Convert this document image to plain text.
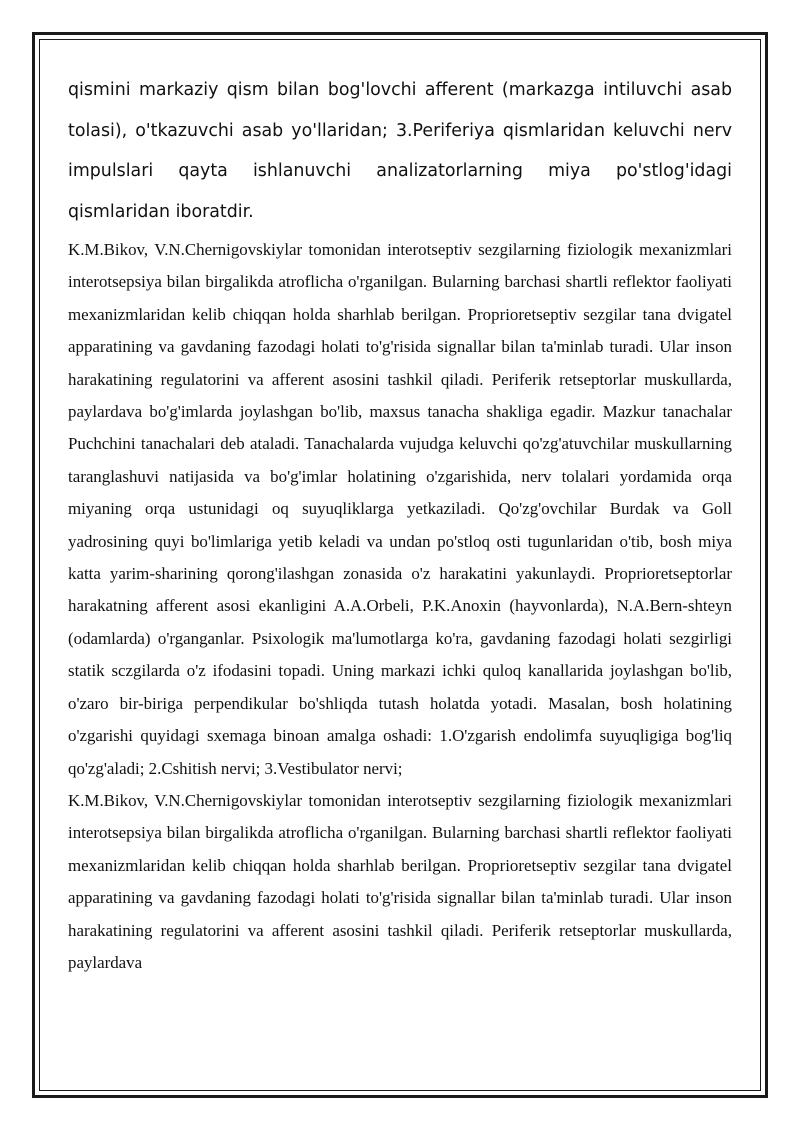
qismini markaziy qism bilan bog'lovchi afferent (markazga intiluvchi asab tolasi), o'tkazuvchi asab yo'llaridan; 3.Periferiya qismlaridan keluvchi nerv impulslari qayta ishlanuvchi analizatorlarning miya po'stlog'idagi qismlaridan iboratdir.

K.M.Bikov, V.N.Chernigovskiylar tomonidan interotseptiv sezgilarning fiziologik mexanizmlari interotsepsiya bilan birgalikda atroflicha o'rganilgan. Bularning barchasi shartli reflektor faoliyati mexanizmlaridan kelib chiqqan holda sharhlab berilgan. Proprioretseptiv sezgilar tana dvigatel apparatining va gavdaning fazodagi holati to'g'risida signallar bilan ta'minlab turadi. Ular inson harakatining regulatorini va afferent asosini tashkil qiladi. Periferik retseptorlar muskullarda, paylardava bo'g'imlarda joylashgan bo'lib, maxsus tanacha shakliga egadir. Mazkur tanachalar Puchchini tanachalari deb ataladi. Tanachalarda vujudga keluvchi qo'zg'atuvchilar muskullarning taranglashuvi natijasida va bo'g'imlar holatining o'zgarishida, nerv tolalari yordamida orqa miyaning orqa ustunidagi oq suyuqliklarga yetkaziladi. Qo'zg'ovchilar Burdak va Goll yadrosining quyi bo'limlariga yetib keladi va undan po'stloq osti tugunlaridan o'tib, bosh miya katta yarim-sharining qorong'ilashgan zonasida o'z harakatini yakunlaydi. Proprioretseptorlar harakatning afferent asosi ekanligini A.A.Orbeli, P.K.Anoxin (hayvonlarda), N.A.Bern-shteyn (odamlarda) o'rganganlar. Psixologik ma'lumotlarga ko'ra, gavdaning fazodagi holati sezgirligi statik sczgilarda o'z ifodasini topadi. Uning markazi ichki quloq kanallarida joylashgan bo'lib, o'zaro bir-biriga perpendikular bo'shliqda tutash holatda yotadi. Masalan, bosh holatining o'zgarishi quyidagi sxemaga binoan amalga oshadi: 1.O'zgarish endolimfa suyuqligiga bog'liq qo'zg'aladi; 2.Cshitish nervi; 3.Vestibulator nervi;

K.M.Bikov, V.N.Chernigovskiylar tomonidan interotseptiv sezgilarning fiziologik mexanizmlari interotsepsiya bilan birgalikda atroflicha o'rganilgan. Bularning barchasi shartli reflektor faoliyati mexanizmlaridan kelib chiqqan holda sharhlab berilgan. Proprioretseptiv sezgilar tana dvigatel apparatining va gavdaning fazodagi holati to'g'risida signallar bilan ta'minlab turadi. Ular inson harakatining regulatorini va afferent asosini tashkil qiladi. Periferik retseptorlar muskullarda, paylardava
